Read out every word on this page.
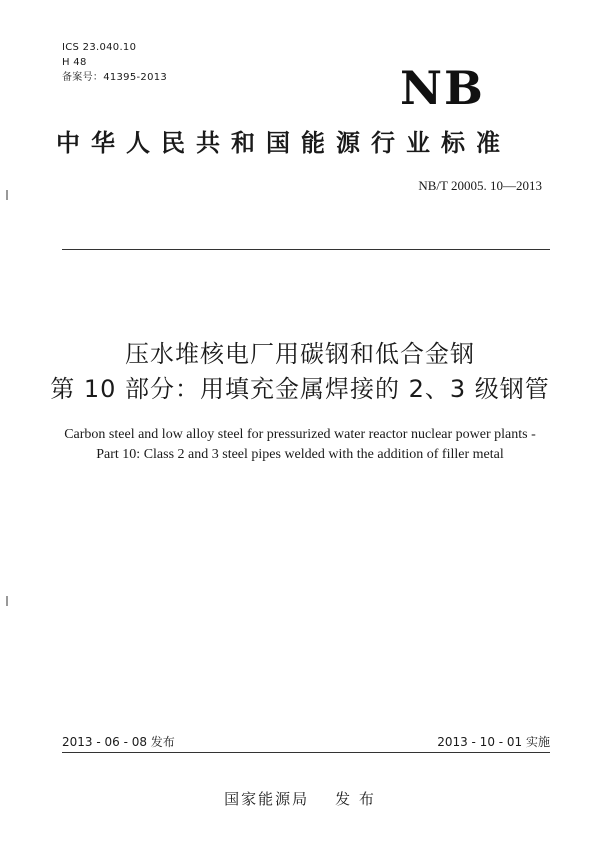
ICS 23.040.10
H 48
备案号：41395-2013	NB
中华人民共和国能源行业标准
NB/T 20005. 10—2013
压水堆核电厂用碳钢和低合金钢
第 10 部分：用填充金属焊接的 2、3 级钢管
Carbon steel and low alloy steel for pressurized water reactor nuclear power plants -
Part 10: Class 2 and 3 steel pipes welded with the addition of filler metal
2013 - 06 - 08 发布	2013 - 10 - 01 实施
国家能源局 发 布
